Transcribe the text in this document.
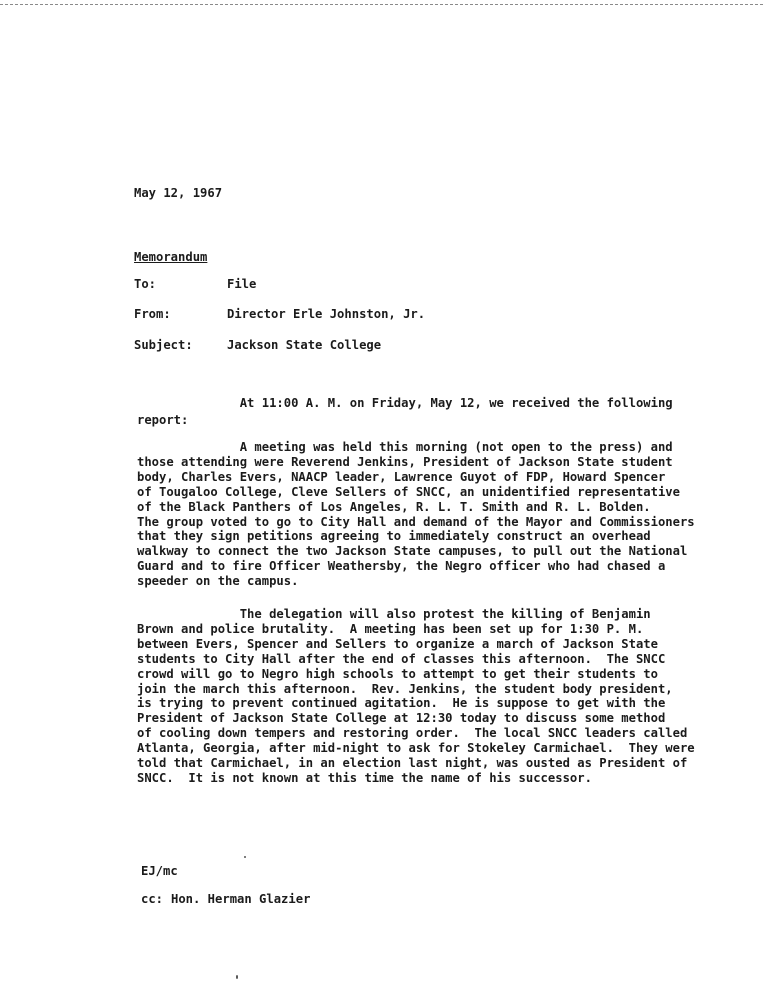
May 12, 1967
Memorandum
To:	File
From:	Director Erle Johnston, Jr.
Subject:	Jackson State College
At 11:00 A. M. on Friday, May 12, we received the following
report:
A meeting was held this morning (not open to the press) and
those attending were Reverend Jenkins, President of Jackson State student
body, Charles Evers, NAACP leader, Lawrence Guyot of FDP, Howard Spencer
of Tougaloo College, Cleve Sellers of SNCC, an unidentified representative
of the Black Panthers of Los Angeles, R. L. T. Smith and R. L. Bolden.
The group voted to go to City Hall and demand of the Mayor and Commissioners
that they sign petitions agreeing to immediately construct an overhead
walkway to connect the two Jackson State campuses, to pull out the National
Guard and to fire Officer Weathersby, the Negro officer who had chased a
speeder on the campus.
The delegation will also protest the killing of Benjamin
Brown and police brutality.  A meeting has been set up for 1:30 P. M.
between Evers, Spencer and Sellers to organize a march of Jackson State
students to City Hall after the end of classes this afternoon.  The SNCC
crowd will go to Negro high schools to attempt to get their students to
join the march this afternoon.  Rev. Jenkins, the student body president,
is trying to prevent continued agitation.  He is suppose to get with the
President of Jackson State College at 12:30 today to discuss some method
of cooling down tempers and restoring order.  The local SNCC leaders called
Atlanta, Georgia, after mid-night to ask for Stokeley Carmichael.  They were
told that Carmichael, in an election last night, was ousted as President of
SNCC.  It is not known at this time the name of his successor.
EJ/mc
cc: Hon. Herman Glazier
